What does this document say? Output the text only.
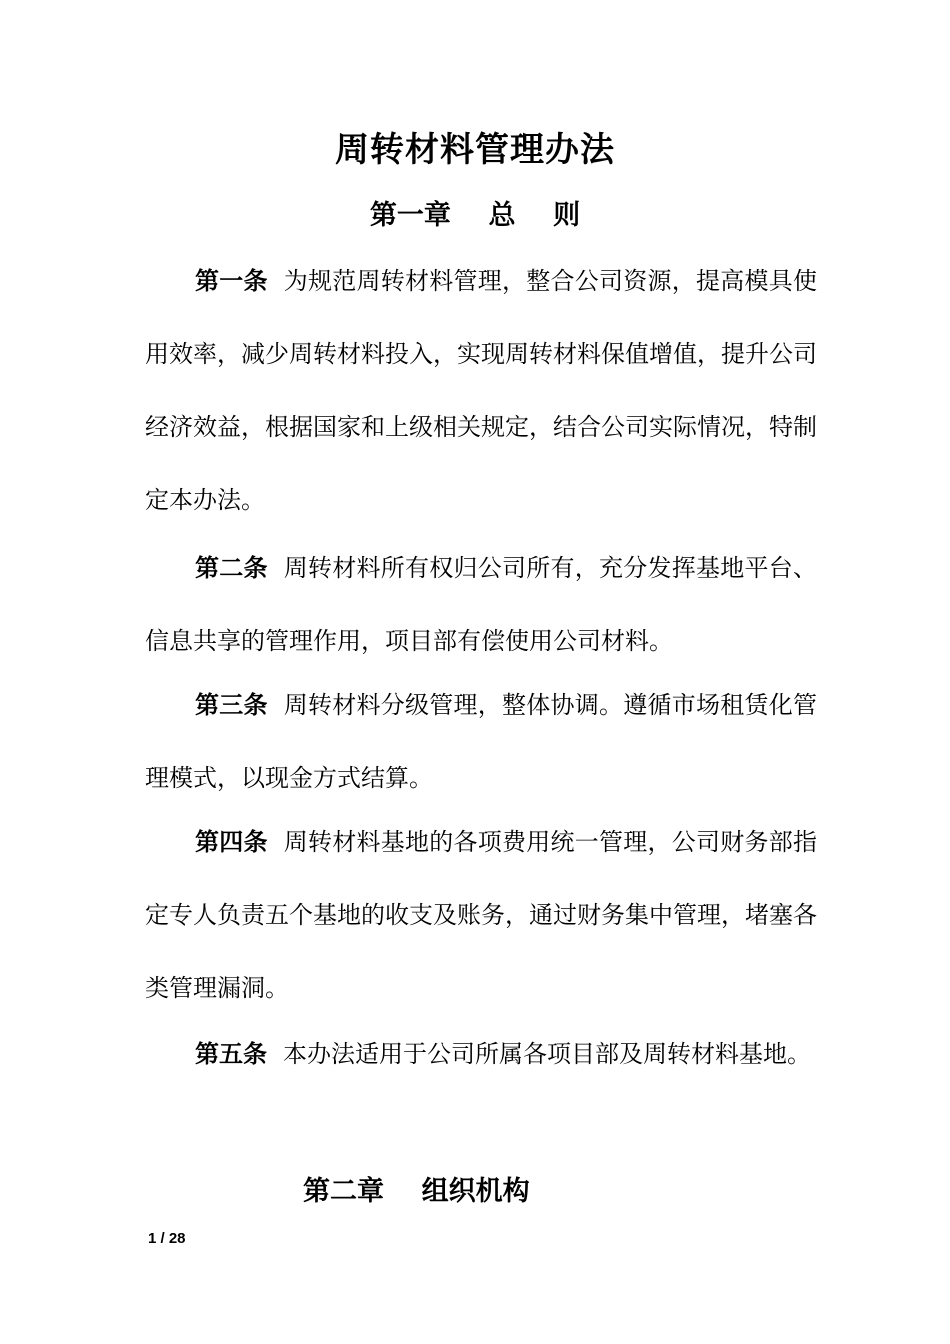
周转材料管理办法
第一章    总    则

第一条 为规范周转材料管理，整合公司资源，提高模具使用效率，减少周转材料投入，实现周转材料保值增值，提升公司经济效益，根据国家和上级相关规定，结合公司实际情况，特制定本办法。

第二条 周转材料所有权归公司所有，充分发挥基地平台、信息共享的管理作用，项目部有偿使用公司材料。

第三条 周转材料分级管理，整体协调。遵循市场租赁化管理模式，以现金方式结算。

第四条 周转材料基地的各项费用统一管理，公司财务部指定专人负责五个基地的收支及账务，通过财务集中管理，堵塞各类管理漏洞。

第五条 本办法适用于公司所属各项目部及周转材料基地。

第二章    组织机构
1 / 28
